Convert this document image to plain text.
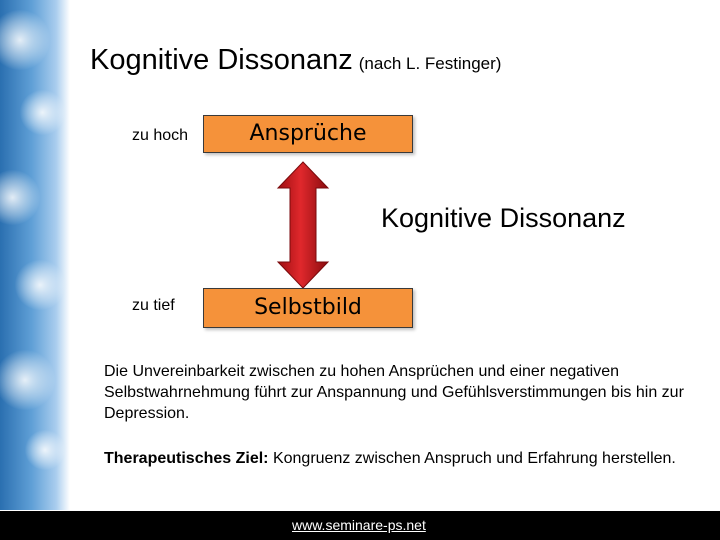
Kognitive Dissonanz (nach L. Festinger)
zu hoch	Ansprüche
Kognitive Dissonanz
zu tief	Selbstbild
Die Unvereinbarkeit zwischen zu hohen Ansprüchen und einer negativen Selbstwahrnehmung führt zur Anspannung und Gefühlsverstimmungen bis hin zur Depression.
Therapeutisches Ziel: Kongruenz zwischen Anspruch und Erfahrung herstellen.
www.seminare-ps.net
